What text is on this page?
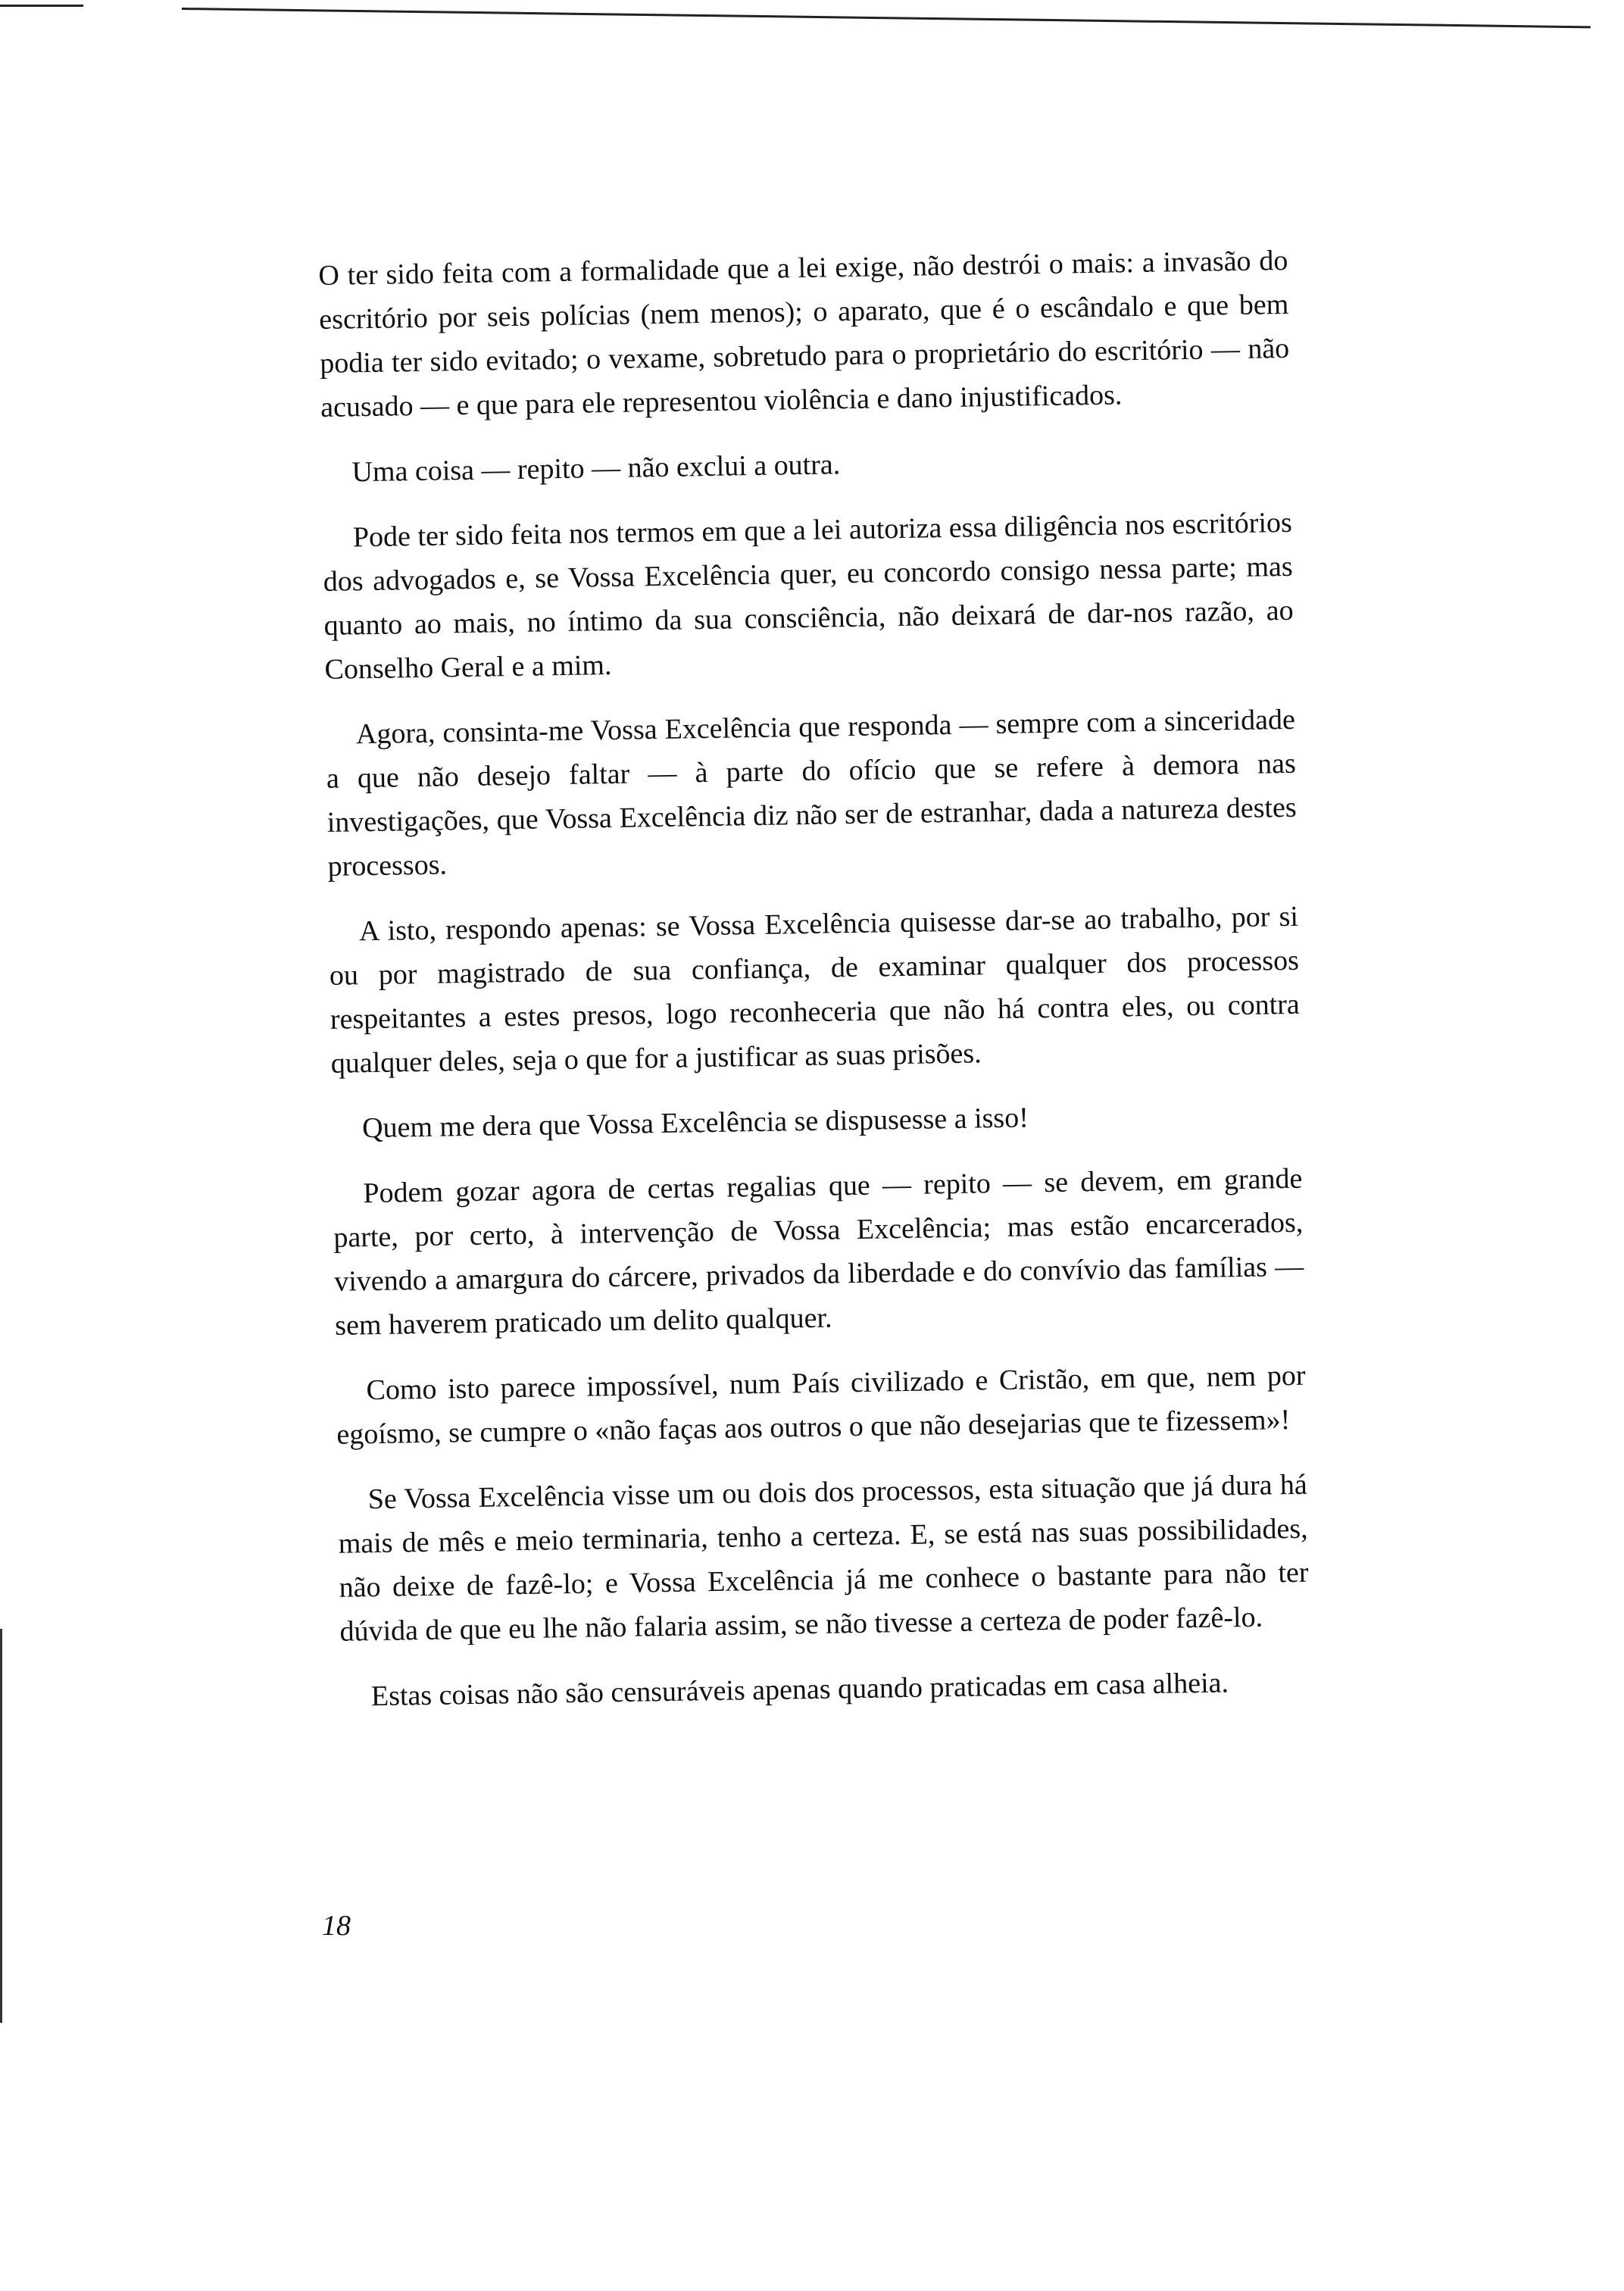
O ter sido feita com a formalidade que a lei exige, não destrói o mais: a invasão do escritório por seis polícias (nem menos); o aparato, que é o escândalo e que bem podia ter sido evitado; o vexame, sobretudo para o proprietário do escritório — não acusado — e que para ele representou violência e dano injustificados.

Uma coisa — repito — não exclui a outra.

Pode ter sido feita nos termos em que a lei autoriza essa diligência nos escritórios dos advogados e, se Vossa Excelência quer, eu concordo consigo nessa parte; mas quanto ao mais, no íntimo da sua consciência, não deixará de dar-nos razão, ao Conselho Geral e a mim.

Agora, consinta-me Vossa Excelência que responda — sempre com a sinceridade a que não desejo faltar — à parte do ofício que se refere à demora nas investigações, que Vossa Excelência diz não ser de estranhar, dada a natureza destes processos.

A isto, respondo apenas: se Vossa Excelência quisesse dar-se ao trabalho, por si ou por magistrado de sua confiança, de examinar qualquer dos processos respeitantes a estes presos, logo reconheceria que não há contra eles, ou contra qualquer deles, seja o que for a justificar as suas prisões.

Quem me dera que Vossa Excelência se dispusesse a isso!

Podem gozar agora de certas regalias que — repito — se devem, em grande parte, por certo, à intervenção de Vossa Excelência; mas estão encarcerados, vivendo a amargura do cárcere, privados da liberdade e do convívio das famílias — sem haverem praticado um delito qualquer.

Como isto parece impossível, num País civilizado e Cristão, em que, nem por egoísmo, se cumpre o «não faças aos outros o que não desejarias que te fizessem»!

Se Vossa Excelência visse um ou dois dos processos, esta situação que já dura há mais de mês e meio terminaria, tenho a certeza. E, se está nas suas possibilidades, não deixe de fazê-lo; e Vossa Excelência já me conhece o bastante para não ter dúvida de que eu lhe não falaria assim, se não tivesse a certeza de poder fazê-lo.

Estas coisas não são censuráveis apenas quando praticadas em casa alheia.

18
